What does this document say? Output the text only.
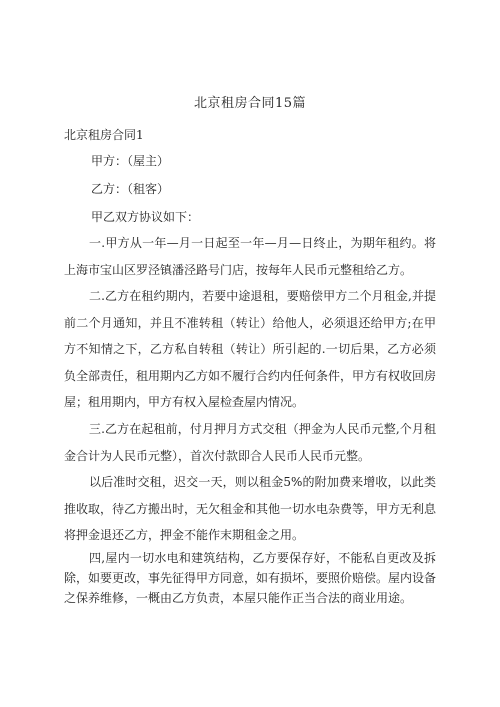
北京租房合同15篇
北京租房合同1
甲方：（屋主）
乙方：（租客）
甲乙双方协议如下：
一.甲方从一年—月一日起至一年—月—日终止，为期年租约。将上海市宝山区罗泾镇潘泾路号门店，按每年人民币元整租给乙方。
二.乙方在租约期内，若要中途退租，要赔偿甲方二个月租金,并提前二个月通知，并且不准转租（转让）给他人，必须退还给甲方;在甲方不知情之下，乙方私自转租（转让）所引起的.一切后果，乙方必须负全部责任，租用期内乙方如不履行合约内任何条件，甲方有权收回房屋；租用期内，甲方有权入屋检查屋内情况。
三.乙方在起租前，付月押月方式交租（押金为人民币元整,个月租金合计为人民币元整），首次付款即合人民币人民币元整。
以后准时交租，迟交一天，则以租金5%的附加费来增收，以此类推收取，待乙方搬出时，无欠租金和其他一切水电杂费等，甲方无利息将押金退还乙方，押金不能作末期租金之用。
四,屋内一切水电和建筑结构，乙方要保存好，不能私自更改及拆除，如要更改，事先征得甲方同意，如有损坏，要照价赔偿。屋内设备之保养维修，一概由乙方负责，本屋只能作正当合法的商业用途。
